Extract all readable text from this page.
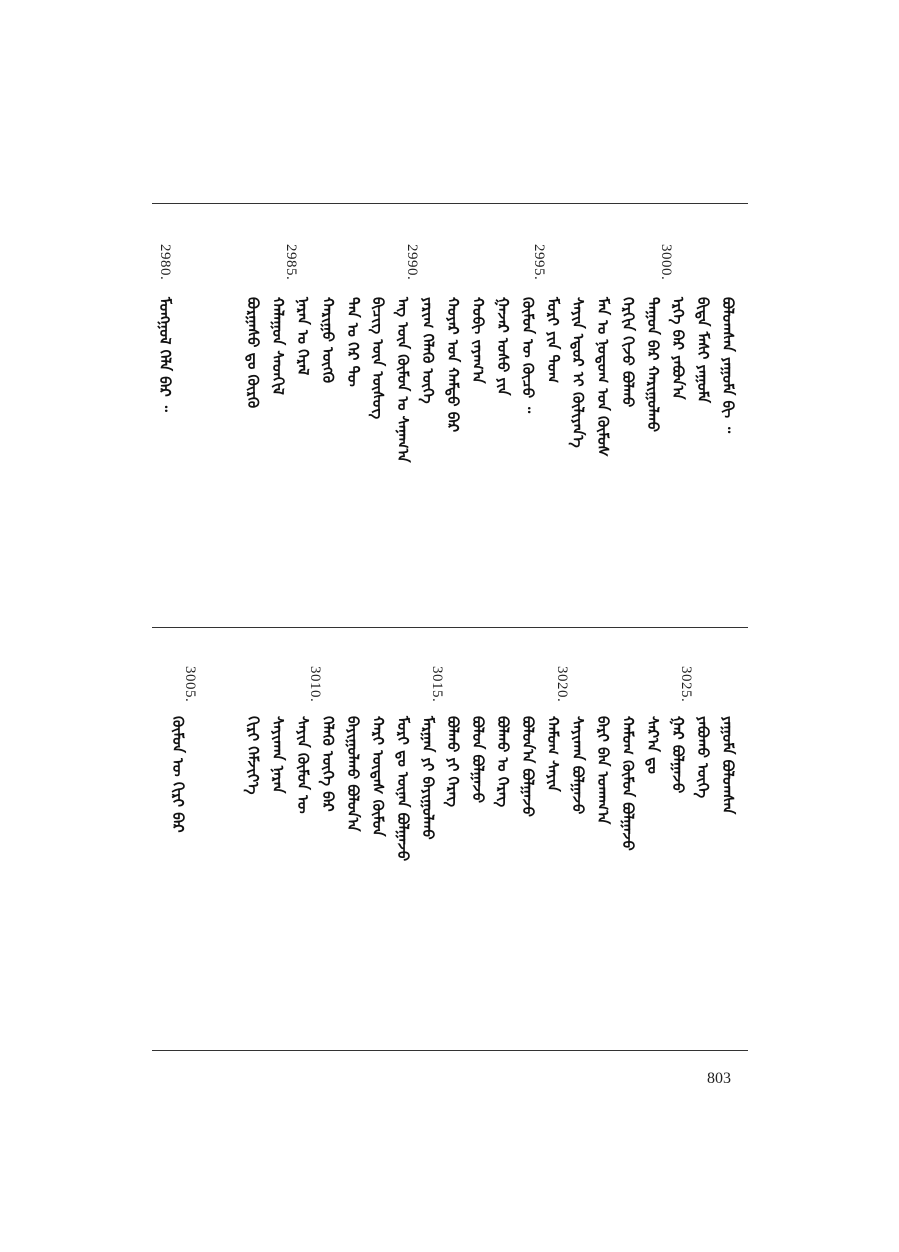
3000.
2995.
2990.
2985.
2980.
ᠪᠣᠯᠤᠭᠰᠠᠨ ᠶᠠᠭᠤᠮᠠ ᠪᠢ ᠃
ᠪᠢᠳᠡ ᠮᠠᠰᠢ ᠶᠠᠭᠤᠮᠠ
ᠡᠷᠭᠡ ᠪᠡᠷ ᠶᠠᠪᠤᠨ᠎ᠠ
ᠳᠠᠭᠤᠨ ᠪᠠᠷ ᠬᠠᠷᠢᠭᠤᠯᠬᠤ
ᠬᠡᠷᠬᠢᠨ ᠬᠢᠵᠦ ᠪᠣᠯᠬᠤ
ᠮᠠᠨ ᠤ ᠨᠤᠲᠤᠭ ᠤᠨ ᠬᠦᠮᠦᠰ
ᠰᠠᠶᠢᠨ ᠡᠳᠦᠷ ᠢ ᠬᠦᠯᠢᠶᠡᠨ᠎ᠡ
ᠮᠣᠷᠢ ᠶᠢᠨ ᠲᠤᠭ
ᠬᠦᠮᠦᠨ ᠦ ᠬᠦᠴᠦ ᠃
ᠭᠠᠵᠠᠷ ᠤᠰᠤ ᠶᠢᠨ
ᠬᠤᠪᠢ ᠵᠠᠶᠠᠭ᠎ᠠ
ᠬᠣᠶᠠᠷ ᠤᠨ ᠬᠠᠮᠲᠤ ᠪᠠᠷ
ᠶᠠᠷᠢᠭ ᠬᠡᠯᠡᠬᠦ ᠦᠭᠡ
ᠡᠩ ᠦᠨ ᠬᠦᠮᠦᠨ ᠤ ᠰᠠᠨᠠᠭ᠎ᠠ
ᠪᠢᠴᠢᠭ ᠦᠨ ᠦᠰᠦᠭ
ᠲᠠᠨ ᠤ ᠭᠡᠷ ᠲᠦ
ᠬᠠᠷᠢᠭᠤ ᠦᠭᠬᠦ
ᠨᠠᠷᠠᠨ ᠤ ᠭᠡᠷᠡᠯ
ᠬᠠᠯᠠᠭᠤᠨ ᠰᠡᠳᠬᠢᠯ
ᠪᠤᠷᠭᠠᠰᠤ ᠳᠤ ᠬᠦᠷᠬᠦ
ᠮᠣᠩᠭᠣᠯ ᠬᠡᠯᠡ ᠪᠡᠷ ᠃
3025.
3020.
3015.
3010.
3005.
ᠶᠠᠭᠤᠮᠠ ᠪᠣᠯᠤᠭᠰᠠᠨ
ᠶᠠᠪᠤᠬᠤ ᠦᠭᠡ
ᠭᠠᠷ ᠪᠣᠯᠭᠠᠵᠤ
ᠰᠠᠷ᠎ᠠ ᠳᠤ
ᠬᠠᠮᠤᠭ ᠬᠦᠮᠦᠨ ᠪᠣᠯᠭᠠᠵᠤ
ᠪᠠᠷᠢ ᠪᠠᠨ ᠤᠬᠠᠭ᠎ᠠ
ᠰᠠᠶᠢᠬᠠᠨ ᠪᠣᠯᠭᠠᠵᠤ
ᠬᠠᠮᠤᠭ ᠰᠠᠶᠢᠨ
ᠪᠣᠯᠤᠨ᠎ᠠ ᠪᠣᠯᠭᠠᠵᠤ
ᠪᠣᠯᠬᠤ ᠤ ᠬᠡᠷᠡᠭ
ᠪᠣᠯᠤᠨ ᠪᠣᠯᠭᠠᠵᠤ
ᠪᠣᠯᠬᠤ ᠶᠢ ᠬᠡᠷᠡᠭ
ᠮᠠᠷᠭᠠᠨ ᠶᠢ ᠪᠠᠶᠢᠭᠤᠯᠬᠤ
ᠮᠣᠷᠢ ᠳᠤ ᠦᠨᠡᠨ ᠪᠣᠯᠭᠠᠵᠤ
ᠬᠠᠷᠢ ᠦᠳᠡᠰ ᠬᠦᠮᠦᠨ
ᠪᠠᠶᠢᠭᠤᠯᠬᠤ ᠪᠣᠯᠤᠨ᠎ᠠ
ᠬᠡᠯᠡᠬᠦ ᠦᠭᠡ ᠪᠡᠷ
ᠰᠠᠶᠢᠨ ᠬᠦᠮᠦᠨ ᠦ
ᠰᠠᠶᠢᠬᠠᠨ ᠨᠠᠷᠠᠨ
ᠬᠢᠷᠢ ᠬᠡᠮᠵᠢᠶ᠎ᠡ
ᠬᠦᠮᠦᠨ ᠦ ᠬᠢᠷᠢ ᠪᠡᠷ
803
